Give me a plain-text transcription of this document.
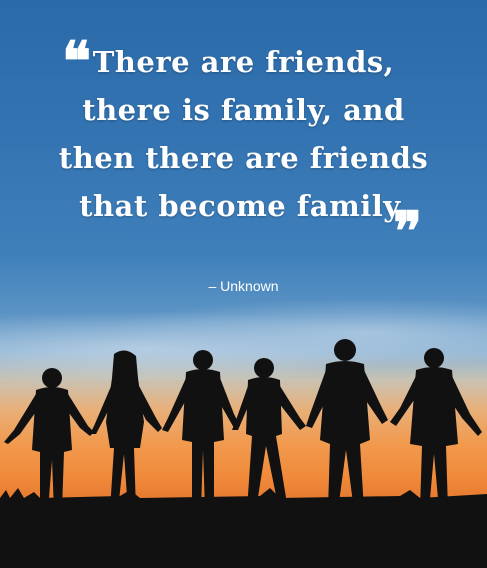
❝ There are friends,
there is family, and
then there are friends
that become family.
❞
– Unknown
